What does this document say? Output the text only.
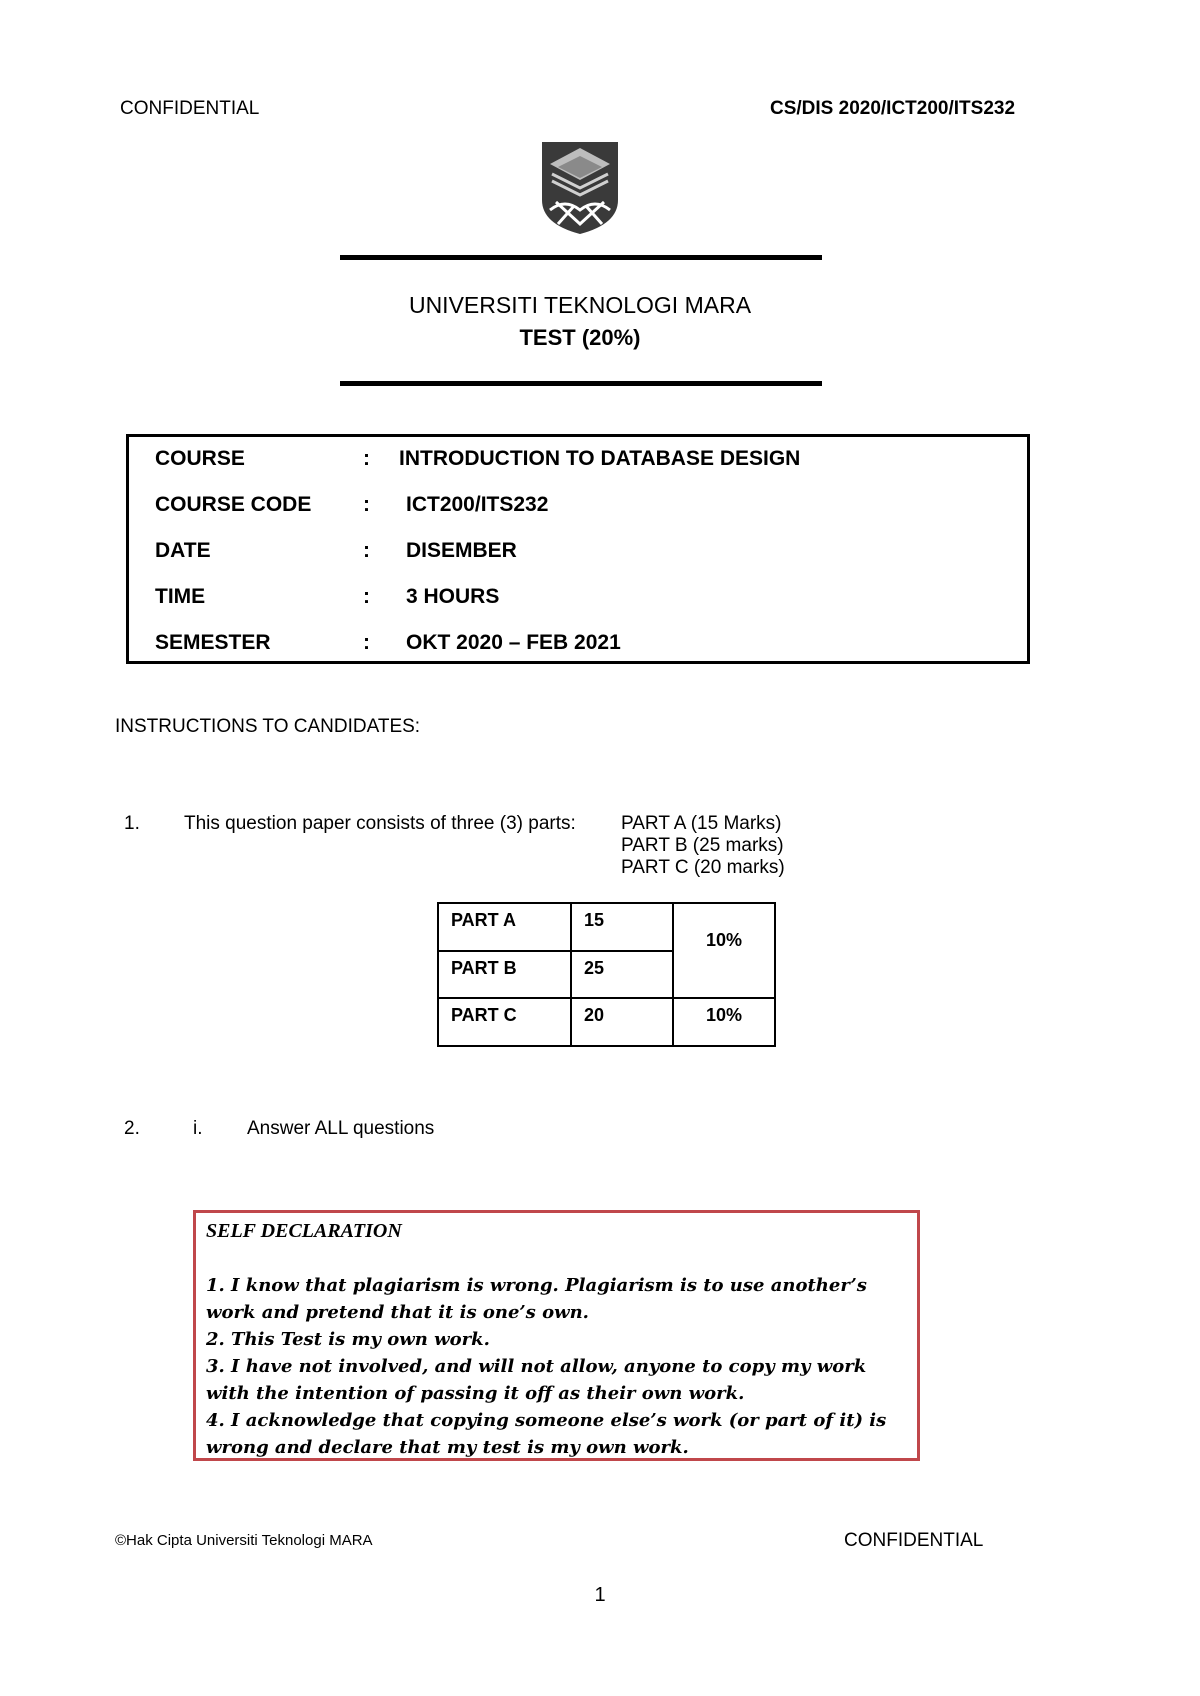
CONFIDENTIAL	CS/DIS 2020/ICT200/ITS232
UNIVERSITI TEKNOLOGI MARA
TEST (20%)
COURSE	: INTRODUCTION TO DATABASE DESIGN
COURSE CODE : ICT200/ITS232
DATE	: DISEMBER
TIME	: 3 HOURS
SEMESTER	: OKT 2020 – FEB 2021
INSTRUCTIONS TO CANDIDATES:
1. This question paper consists of three (3) parts: PART A (15 Marks)
PART B (25 marks)
PART C (20 marks)
PART A	15	10%
PART B	25	
PART C	20	10%
2.	i. Answer ALL questions
SELF DECLARATION
1. I know that plagiarism is wrong. Plagiarism is to use another’s work and pretend that it is one’s own.
2. This Test is my own work.
3. I have not involved, and will not allow, anyone to copy my work with the intention of passing it off as their own work.
4. I acknowledge that copying someone else’s work (or part of it) is wrong and declare that my test is my own work.
©Hak Cipta Universiti Teknologi MARA	CONFIDENTIAL
1
